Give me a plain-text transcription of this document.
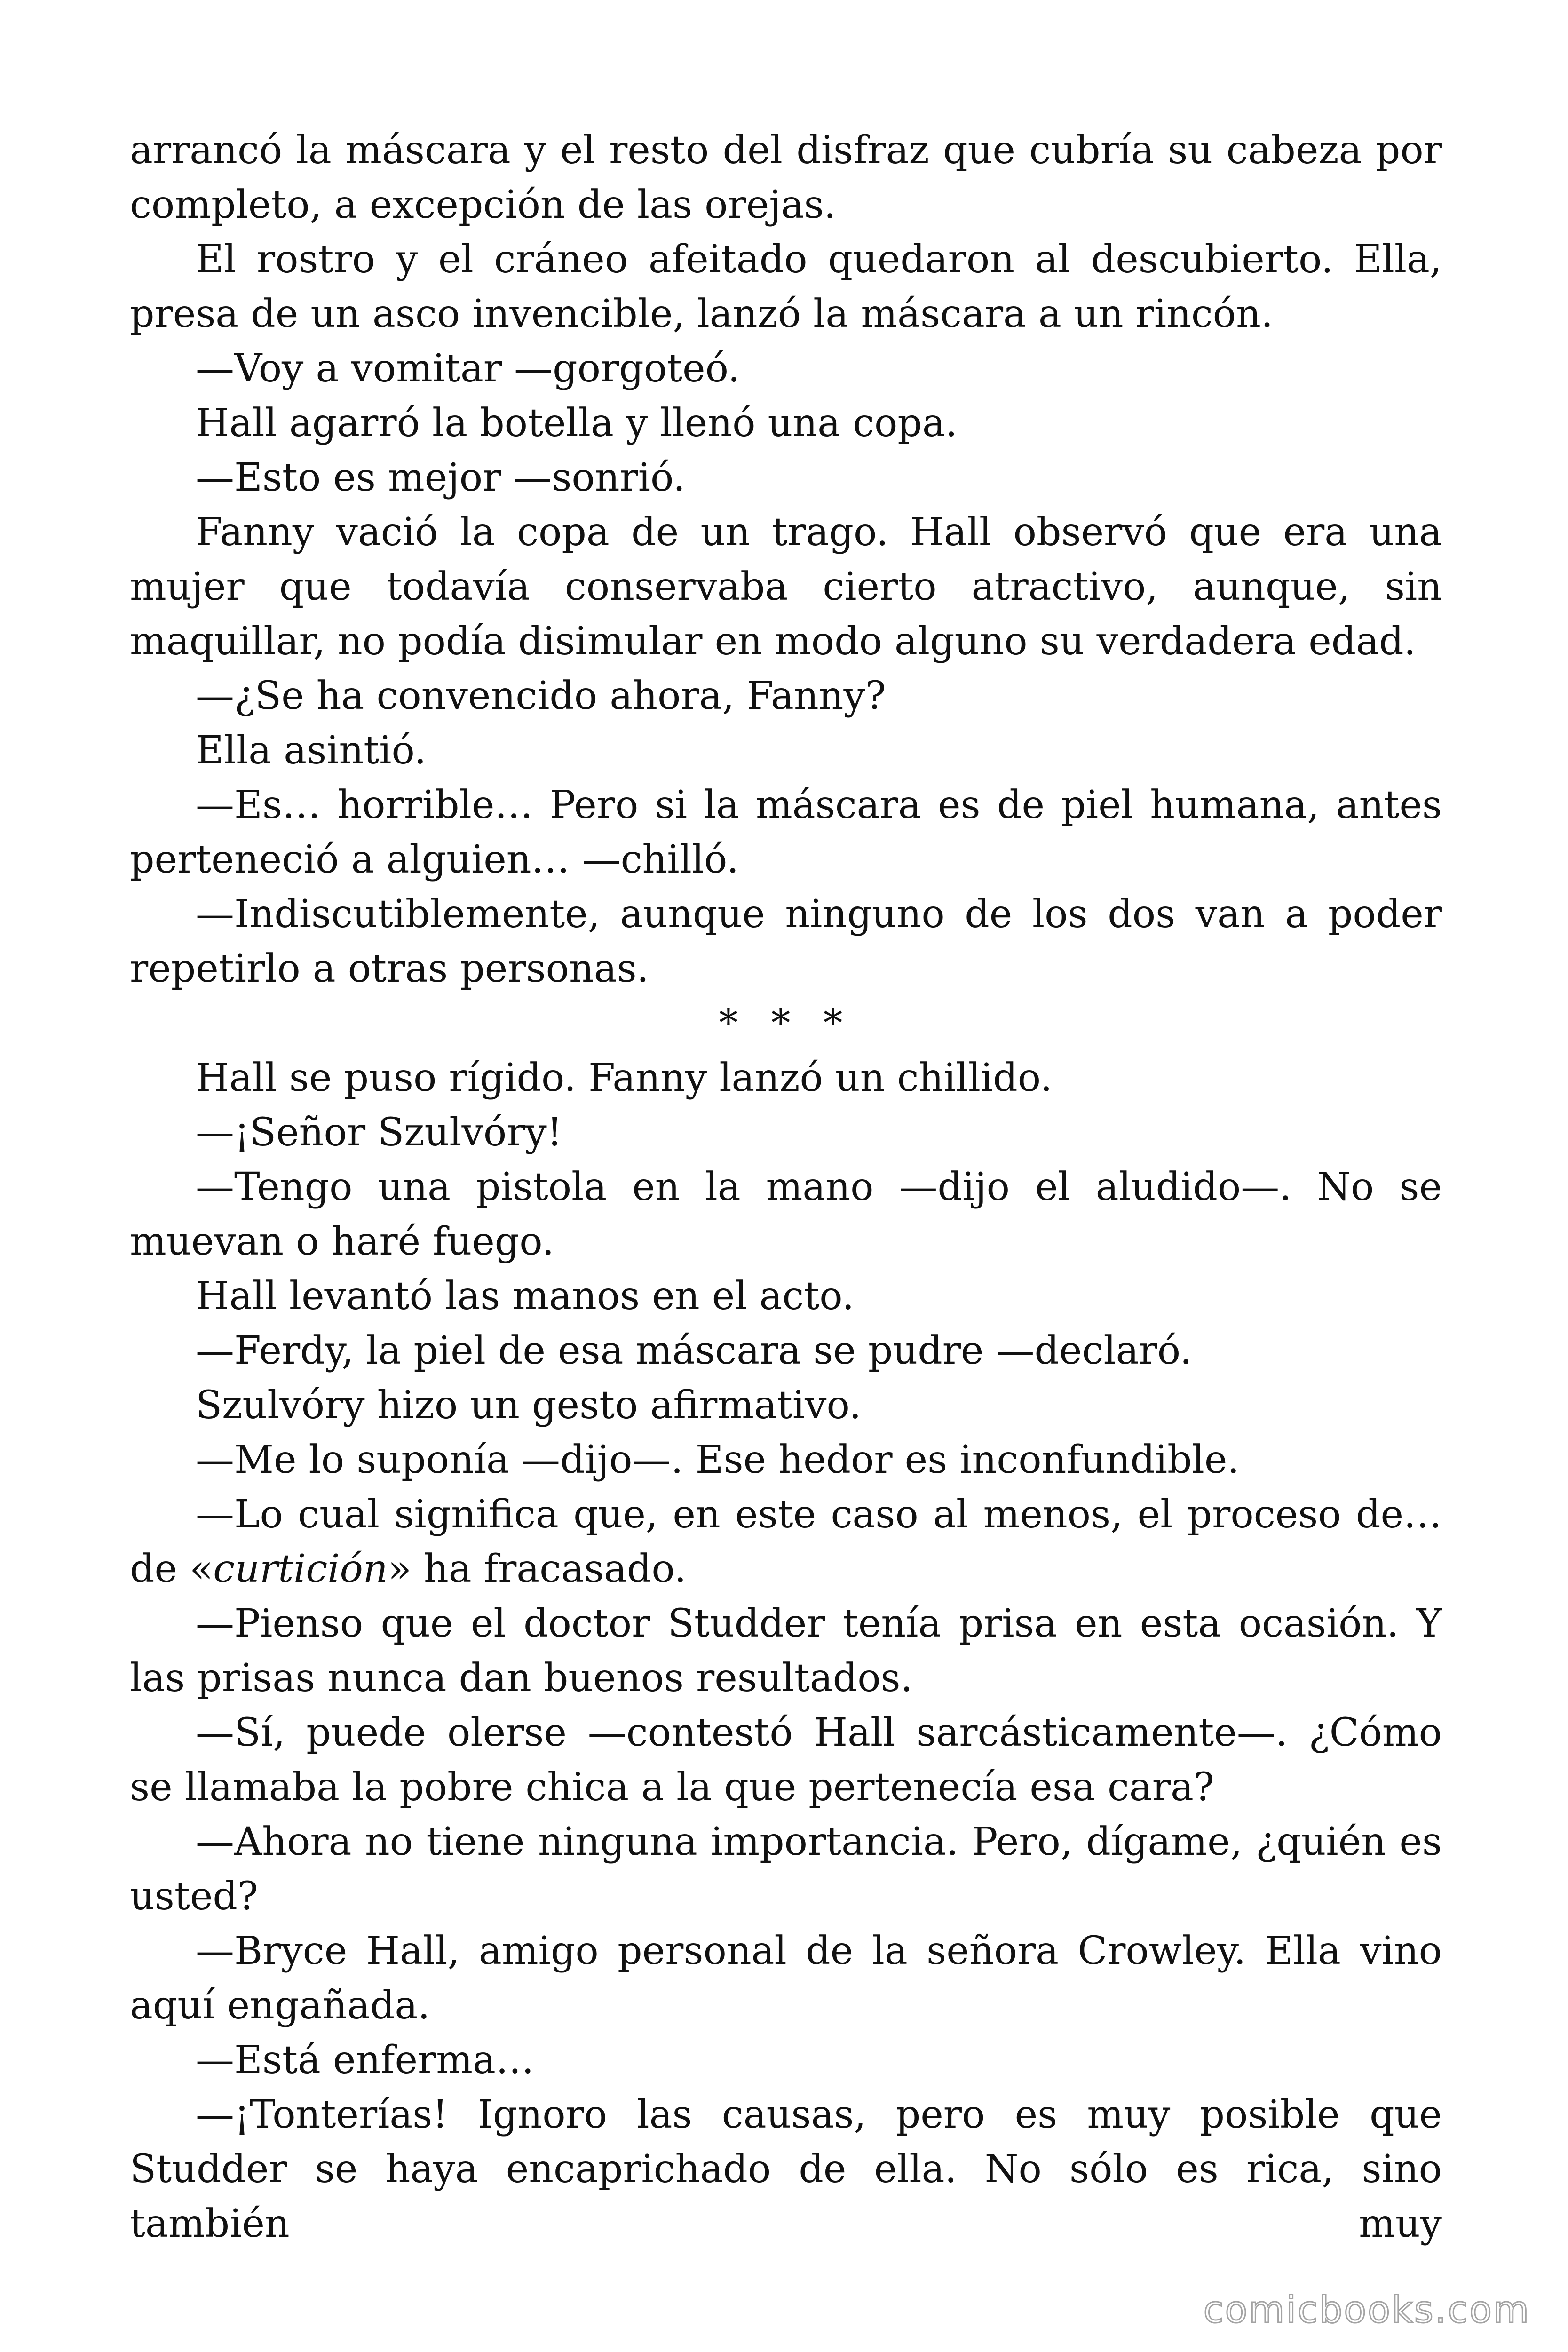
arrancó la máscara y el resto del disfraz que cubría su cabeza por completo, a excepción de las orejas.

El rostro y el cráneo afeitado quedaron al descubierto. Ella, presa de un asco invencible, lanzó la máscara a un rincón.

—Voy a vomitar —gorgoteó.

Hall agarró la botella y llenó una copa.

—Esto es mejor —sonrió.

Fanny vació la copa de un trago. Hall observó que era una mujer que todavía conservaba cierto atractivo, aunque, sin maquillar, no podía disimular en modo alguno su verdadera edad.

—¿Se ha convencido ahora, Fanny?

Ella asintió.

—Es… horrible… Pero si la máscara es de piel humana, antes perteneció a alguien… —chilló.

—Indiscutiblemente, aunque ninguno de los dos van a poder repetirlo a otras personas.

* * *

Hall se puso rígido. Fanny lanzó un chillido.

—¡Señor Szulvóry!

—Tengo una pistola en la mano —dijo el aludido—. No se muevan o haré fuego.

Hall levantó las manos en el acto.

—Ferdy, la piel de esa máscara se pudre —declaró.

Szulvóry hizo un gesto afirmativo.

—Me lo suponía —dijo—. Ese hedor es inconfundible.

—Lo cual significa que, en este caso al menos, el proceso de… de «curtición» ha fracasado.

—Pienso que el doctor Studder tenía prisa en esta ocasión. Y las prisas nunca dan buenos resultados.

—Sí, puede olerse —contestó Hall sarcásticamente—. ¿Cómo se llamaba la pobre chica a la que pertenecía esa cara?

—Ahora no tiene ninguna importancia. Pero, dígame, ¿quién es usted?

—Bryce Hall, amigo personal de la señora Crowley. Ella vino aquí engañada.

—Está enferma…

—¡Tonterías! Ignoro las causas, pero es muy posible que Studder se haya encaprichado de ella. No sólo es rica, sino también muy

comicbooks.com
